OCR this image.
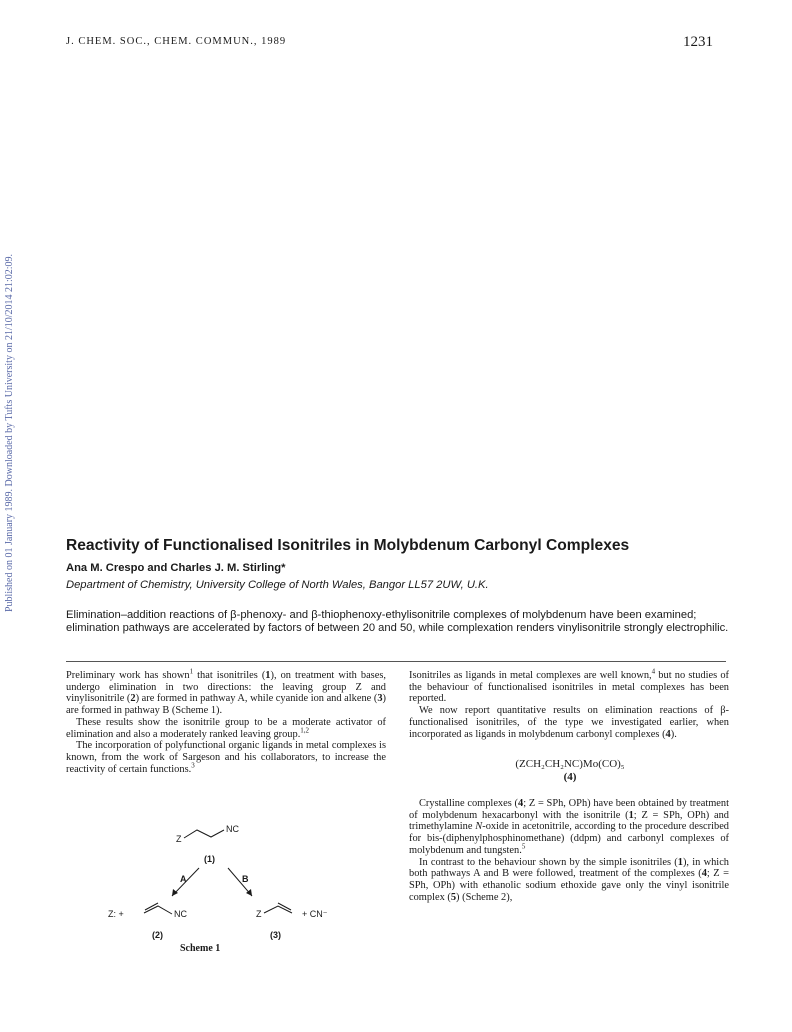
J. CHEM. SOC., CHEM. COMMUN., 1989	1231
Published on 01 January 1989. Downloaded by Tufts University on 21/10/2014 21:02:09.	Reactivity of Functionalised Isonitriles in Molybdenum Carbonyl Complexes
Ana M. Crespo and Charles J. M. Stirling*
Department of Chemistry, University College of North Wales, Bangor LL57 2UW, U.K.
Elimination–addition reactions of β-phenoxy- and β-thiophenoxy-ethylisonitrile complexes of molybdenum have been examined; elimination pathways are accelerated by factors of between 20 and 50, while complexation renders vinylisonitrile strongly electrophilic.

Preliminary work has shown$^1$ that isonitriles (1), on treatment with bases, undergo elimination in two directions: the leaving group Z and vinylisonitrile (2) are formed in pathway A, while cyanide ion and alkene (3) are formed in pathway B (Scheme 1).

These results show the isonitrile group to be a moderate activator of elimination and also a moderately ranked leaving group.$^{1,2}$

The incorporation of polyfunctional organic ligands in metal complexes is known, from the work of Sargeson and his collaborators, to increase the reactivity of certain functions.$^3$

Isonitriles as ligands in metal complexes are well known,$^4$ but no studies of the behaviour of functionalised isonitriles in metal complexes has been reported.

We now report quantitative results on elimination reactions of β-functionalised isonitriles, of the type we investigated earlier, when incorporated as ligands in molybdenum carbonyl complexes (4).

(ZCH₂CH₂NC)Mo(CO)₅
(4)

Crystalline complexes (4; Z = SPh, OPh) have been obtained by treatment of molybdenum hexacarbonyl with the isonitrile (1; Z = SPh, OPh) and trimethylamine N-oxide in acetonitrile, according to the procedure described for bis-(diphenylphosphinomethane) (ddpm) and carbonyl complexes of molybdenum and tungsten.$^5$

In contrast to the behaviour shown by the simple isonitriles (1), in which both pathways A and B were followed, treatment of the complexes (4; Z = SPh, OPh) with ethanolic sodium ethoxide gave only the vinyl isonitrile complex (5) (Scheme 2),

Z
NC
(1)
A	B
Z: +	NC
(2)
Z	+ CN⁻
(3)
Scheme 1
